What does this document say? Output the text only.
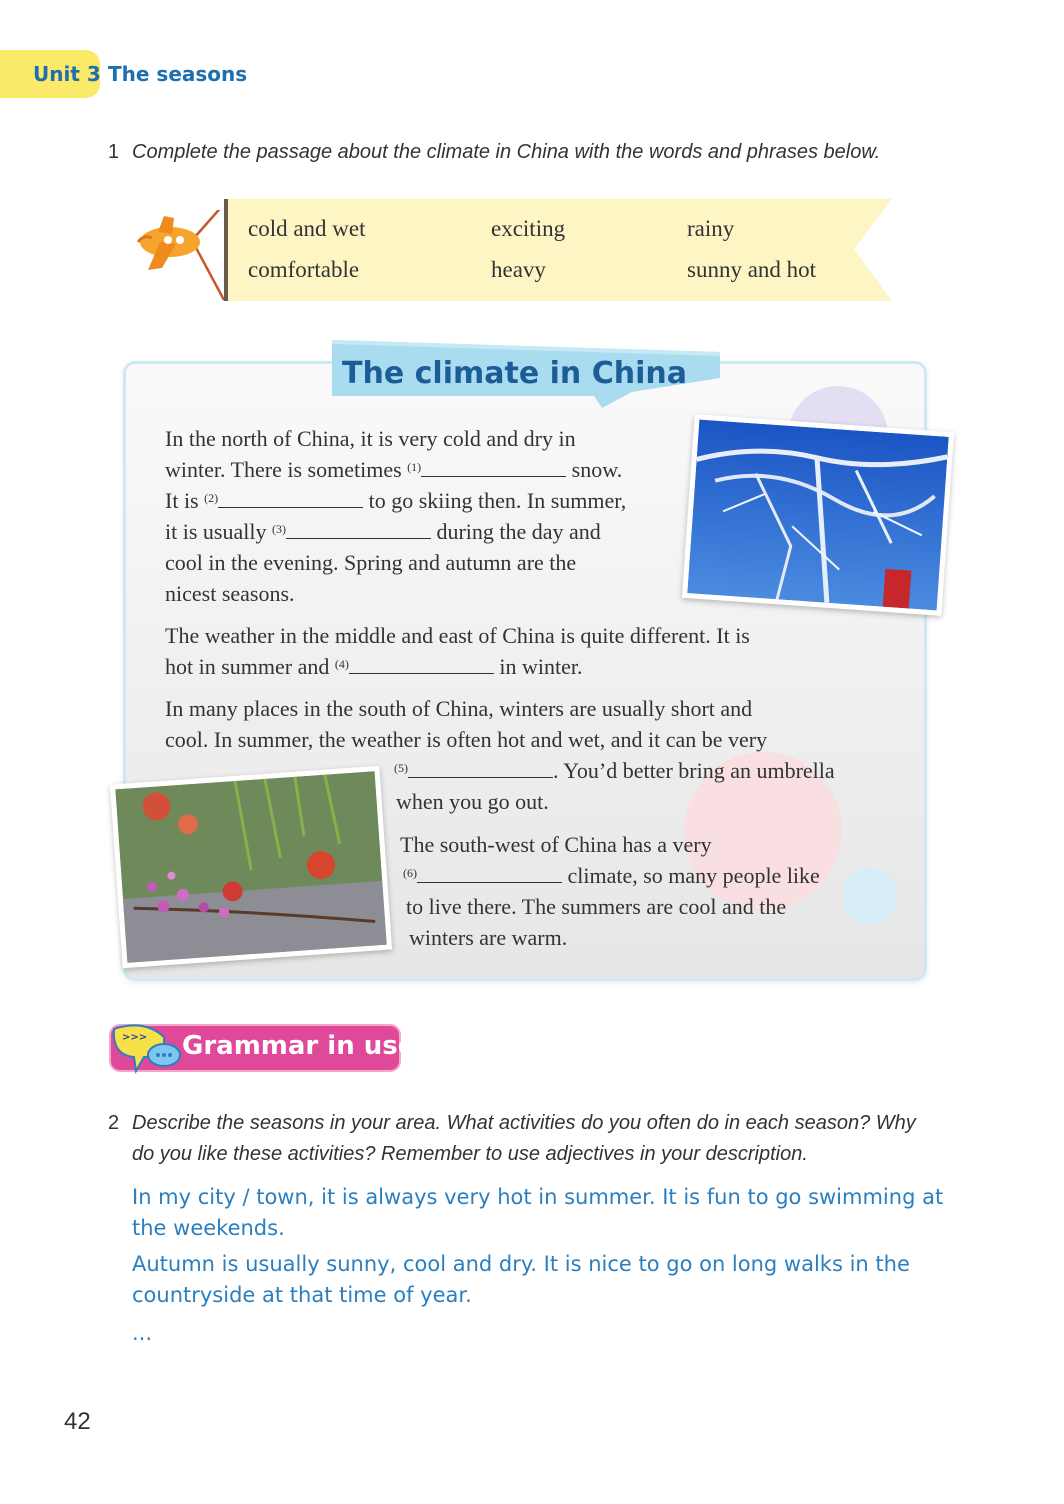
Unit 3 The seasons
1 Complete the passage about the climate in China with the words and phrases below.
cold and wet	exciting	rainy
comfortable	heavy	sunny and hot
The climate in China
In the north of China, it is very cold and dry in
winter. There is sometimes $^{(1)}$	snow.
It is $^{(2)}$	to go skiing then. In summer,
it is usually $^{(3)}$	during the day and
cool in the evening. Spring and autumn are the
nicest seasons.
The weather in the middle and east of China is quite different. It is
hot in summer and $^{(4)}$	in winter.
In many places in the south of China, winters are usually short and
cool. In summer, the weather is often hot and wet, and it can be very
$^{(5)}$	. You’d better bring an umbrella
when you go out.
The south-west of China has a very
$^{(6)}$	climate, so many people like
to live there. The summers are cool and the
winters are warm.
>>> Grammar in use
2 Describe the seasons in your area. What activities do you often do in each season? Why
do you like these activities? Remember to use adjectives in your description.
In my city / town, it is always very hot in summer. It is fun to go swimming at the weekends.
Autumn is usually sunny, cool and dry. It is nice to go on long walks in the countryside at that time of year.
...
42
